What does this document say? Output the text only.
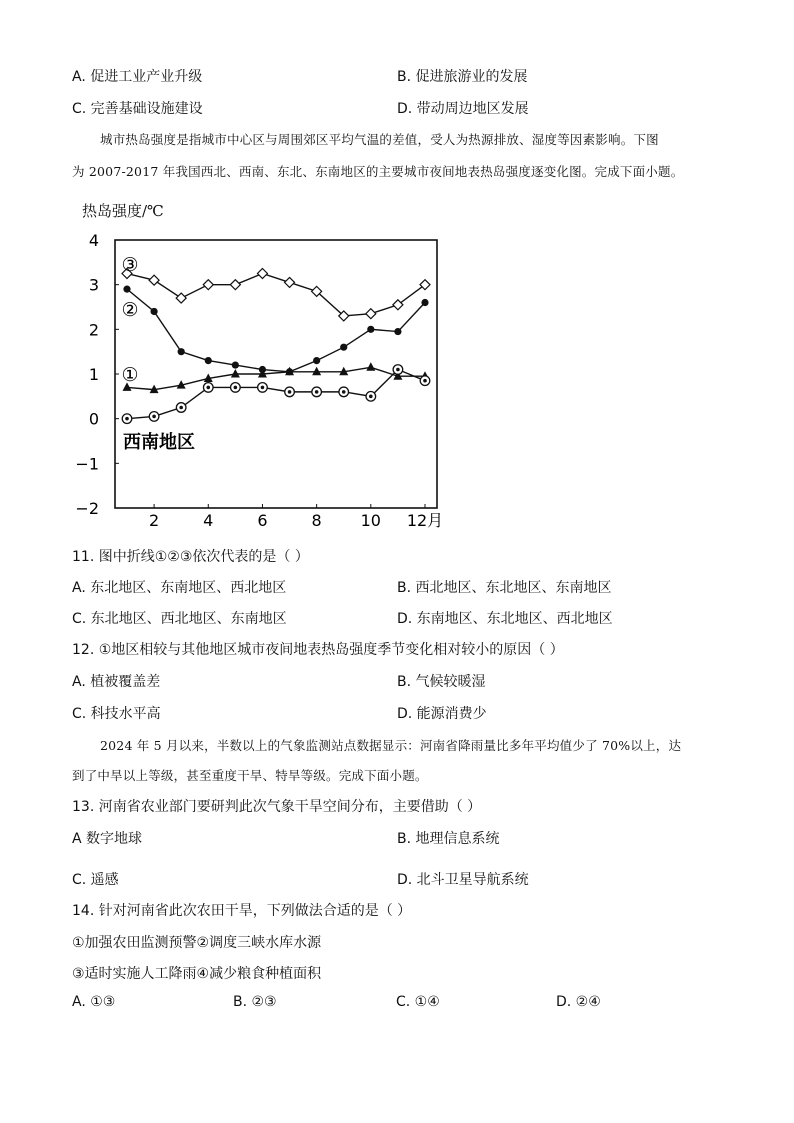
A. 促进工业产业升级	B. 促进旅游业的发展
C. 完善基础设施建设	D. 带动周边地区发展
城市热岛强度是指城市中心区与周围郊区平均气温的差值，受人为热源排放、湿度等因素影响。下图
为 2007-2017 年我国西北、西南、东北、东南地区的主要城市夜间地表热岛强度逐变化图。完成下面小题。
热岛强度/℃
4
3
2
1
0
−1
−2
2	4	6	8 10 12月
③
②
①
西南地区
11. 图中折线①②③依次代表的是（ ）
A. 东北地区、东南地区、西北地区	B. 西北地区、东北地区、东南地区
C. 东北地区、西北地区、东南地区	D. 东南地区、东北地区、西北地区
12. ①地区相较与其他地区城市夜间地表热岛强度季节变化相对较小的原因（ ）
A. 植被覆盖差	B. 气候较暖湿
C. 科技水平高	D. 能源消费少
2024 年 5 月以来，半数以上的气象监测站点数据显示：河南省降雨量比多年平均值少了 70%以上，达
到了中旱以上等级，甚至重度干旱、特旱等级。完成下面小题。
13. 河南省农业部门要研判此次气象干旱空间分布，主要借助（ ）
A 数字地球	B. 地理信息系统
C. 遥感	D. 北斗卫星导航系统
14. 针对河南省此次农田干旱，下列做法合适的是（ ）
①加强农田监测预警②调度三峡水库水源
③适时实施人工降雨④减少粮食种植面积
A. ①③	B. ②③	C. ①④	D. ②④
